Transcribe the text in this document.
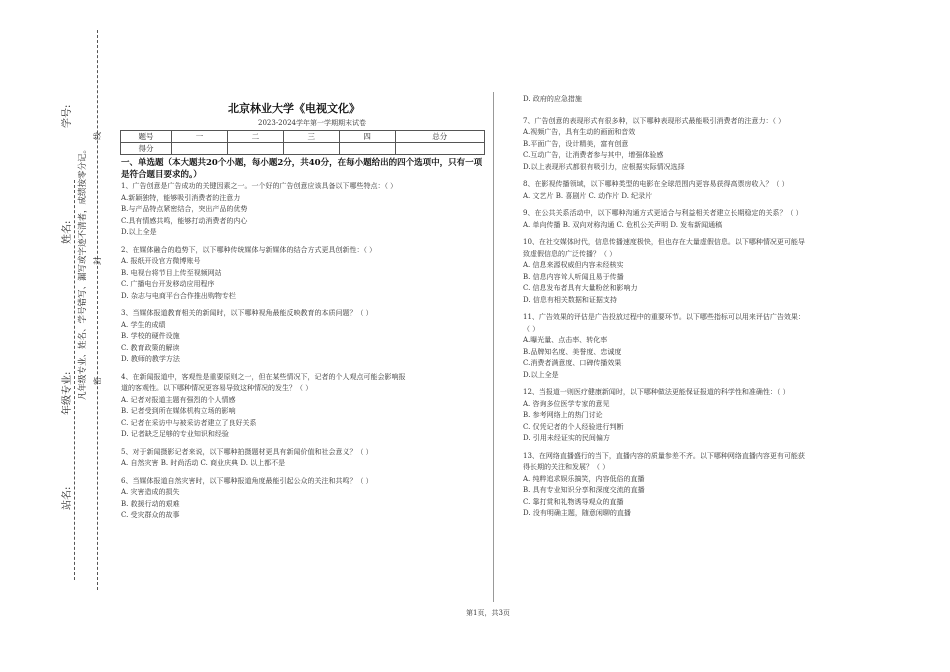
学号:
姓名:
年级专业:
站名:
凡年级专业、姓名、学号错写、漏写或字迹不清者，成绩按零分记。 密
封
线
北京林业大学《电视文化》
2023-2024学年第一学期期末试卷
题号	一	二	三	四	总分
得分					

一、单选题（本大题共20个小题，每小题2分，共40分，在每小题给出的四个选项中，只有一项是符合题目要求的。）

1、广告创意是广告成功的关键因素之一。一个好的广告创意应该具备以下哪些特点：（ ）

A.新颖独特，能够吸引消费者的注意力

B.与产品特点紧密结合，突出产品的优势

C.具有情感共鸣，能够打动消费者的内心

D.以上全是

2、在媒体融合的趋势下，以下哪种传统媒体与新媒体的结合方式更具创新性：（ ）

A. 报纸开设官方微博账号

B. 电视台将节目上传至视频网站

C. 广播电台开发移动应用程序

D. 杂志与电商平台合作推出购物专栏

3、当媒体报道教育相关的新闻时，以下哪种视角最能反映教育的本质问题？（ ）

A. 学生的成绩

B. 学校的硬件设施

C. 教育政策的解读

D. 教师的教学方法

4、在新闻报道中，客观性是重要原则之一，但在某些情况下，记者的个人观点可能会影响报

道的客观性。以下哪种情况更容易导致这种情况的发生？（ ）

A. 记者对报道主题有强烈的个人情感

B. 记者受到所在媒体机构立场的影响

C. 记者在采访中与被采访者建立了良好关系

D. 记者缺乏足够的专业知识和经验

5、对于新闻摄影记者来说，以下哪种拍摄题材更具有新闻价值和社会意义？（ ）

A. 自然灾害 B. 时尚活动 C. 商业庆典 D. 以上都不是

6、当媒体报道自然灾害时，以下哪种报道角度最能引起公众的关注和共鸣？（ ）

A. 灾害造成的损失

B. 救援行动的艰难

C. 受灾群众的故事

D. 政府的应急措施

7、广告创意的表现形式有很多种，以下哪种表现形式最能吸引消费者的注意力：（ ）

A.视频广告，具有生动的画面和音效

B.平面广告，设计精美，富有创意

C.互动广告，让消费者参与其中，增强体验感

D.以上表现形式都很有吸引力，应根据实际情况选择

8、在影视传播领域，以下哪种类型的电影在全球范围内更容易获得高票房收入？（ ）

A. 文艺片 B. 喜剧片 C. 动作片 D. 纪录片

9、在公共关系活动中，以下哪种沟通方式更适合与利益相关者建立长期稳定的关系？（ ）

A. 单向传播 B. 双向对称沟通 C. 危机公关声明 D. 发布新闻通稿

10、在社交媒体时代，信息传播速度极快，但也存在大量虚假信息。以下哪种情况更可能导

致虚假信息的广泛传播？（ ）

A. 信息来源权威但内容未经核实

B. 信息内容耸人听闻且易于传播

C. 信息发布者具有大量粉丝和影响力

D. 信息有相关数据和证据支持

11、广告效果的评估是广告投放过程中的重要环节。以下哪些指标可以用来评估广告效果：

（ ）

A.曝光量、点击率、转化率

B.品牌知名度、美誉度、忠诚度

C.消费者满意度、口碑传播效果

D.以上全是

12、当报道一则医疗健康新闻时，以下哪种做法更能保证报道的科学性和准确性：（ ）

A. 咨询多位医学专家的意见

B. 参考网络上的热门讨论

C. 仅凭记者的个人经验进行判断

D. 引用未经证实的民间偏方

13、在网络直播盛行的当下，直播内容的质量参差不齐。以下哪种网络直播内容更有可能获

得长期的关注和发展？（ ）

A. 纯粹追求娱乐搞笑，内容低俗的直播

B. 具有专业知识分享和深度交流的直播

C. 靠打赏和礼物诱导观众的直播

D. 没有明确主题，随意闲聊的直播

第1页，共3页
